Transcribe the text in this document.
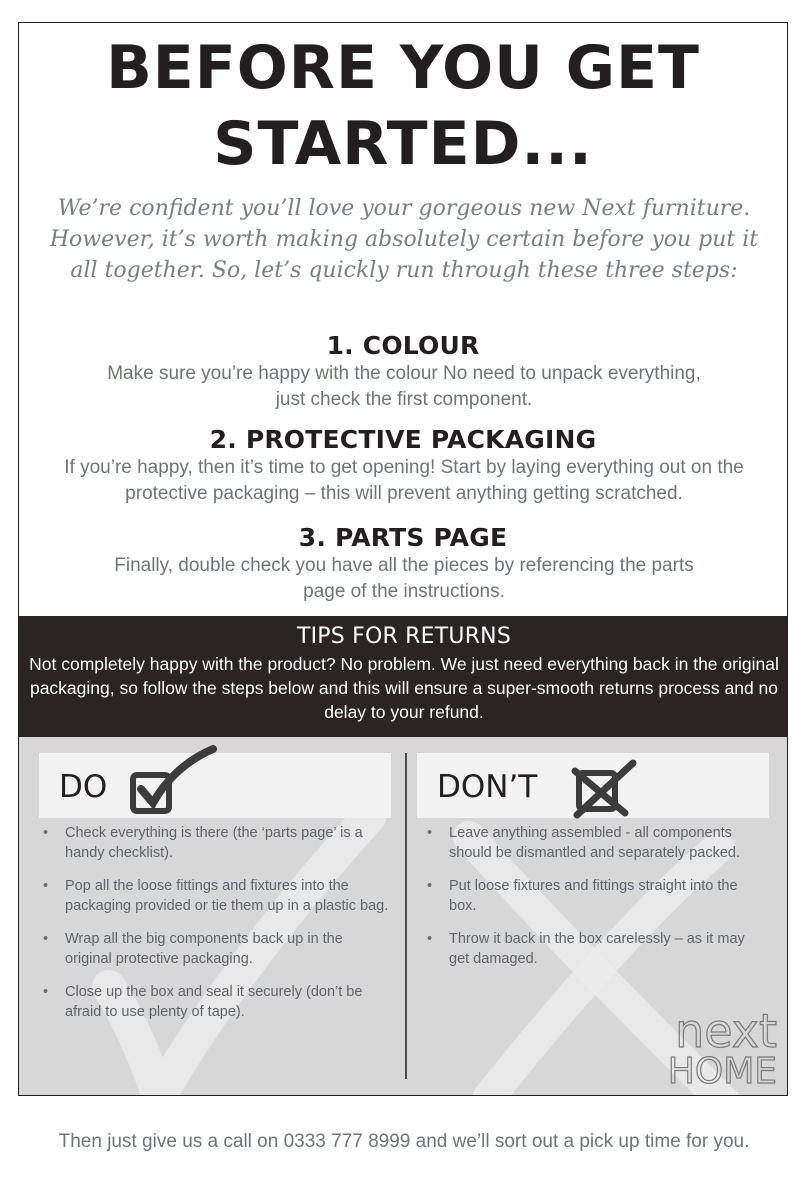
BEFORE YOU GET
STARTED...

We’re confident you’ll love your gorgeous new Next furniture. However, it’s worth making absolutely certain before you put it all together. So, let’s quickly run through these three steps:

1. COLOUR

Make sure you’re happy with the colour No need to unpack everything, just check the first component.

2. PROTECTIVE PACKAGING

If you’re happy, then it’s time to get opening! Start by laying everything out on the protective packaging – this will prevent anything getting scratched.

3. PARTS PAGE

Finally, double check you have all the pieces by referencing the parts page of the instructions.

TIPS FOR RETURNS

Not completely happy with the product? No problem. We just need everything back in the original packaging, so follow the steps below and this will ensure a super-smooth returns process and no delay to your refund.

DO	DON’T
• Check everything is there (the ‘parts page’ is a handy checklist).
• Pop all the loose fittings and fixtures into the packaging provided or tie them up in a plastic bag.
• Wrap all the big components back up in the original protective packaging.
• Close up the box and seal it securely (don’t be afraid to use plenty of tape).
• Leave anything assembled - all components should be dismantled and separately packed.
• Put loose fixtures and fittings straight into the box.
• Throw it back in the box carelessly – as it may get damaged.
next
HOME

Then just give us a call on 0333 777 8999 and we’ll sort out a pick up time for you.
